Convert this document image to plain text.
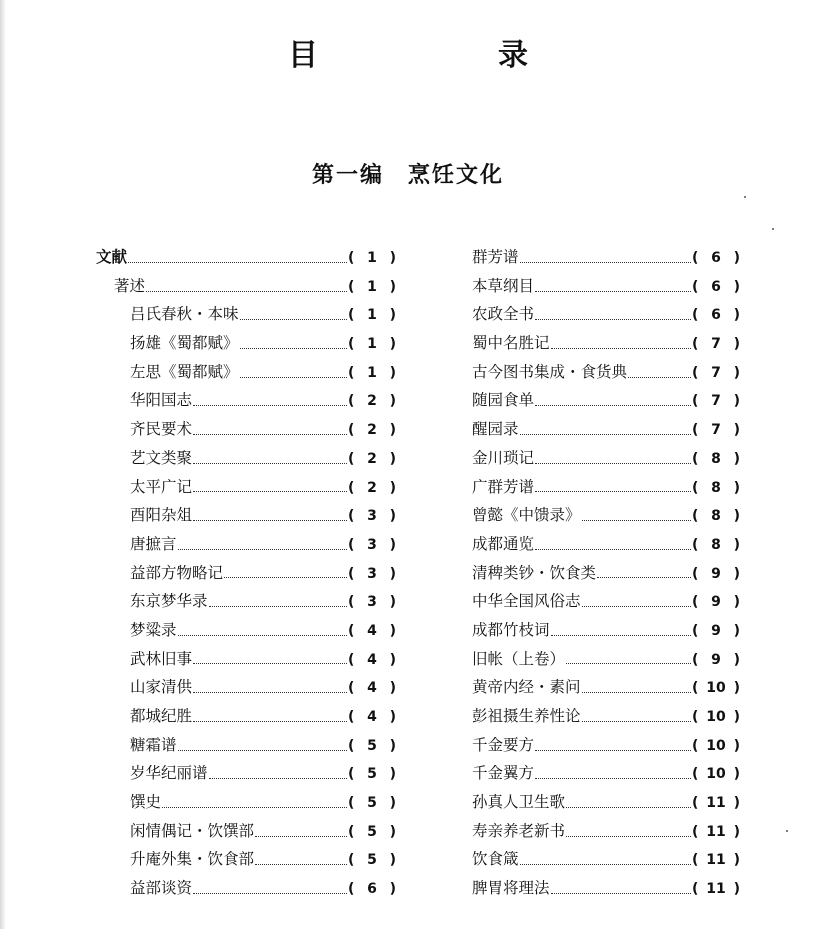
目　　录
第一编　烹饪文化
文献	( 1 )
著述	( 1 )
吕氏春秋・本味	( 1 )
扬雄《蜀都赋》	( 1 )
左思《蜀都赋》	( 1 )
华阳国志	( 2 )
齐民要术	( 2 )
艺文类聚	( 2 )
太平广记	( 2 )
酉阳杂俎	( 3 )
唐摭言	( 3 )
益部方物略记	( 3 )
东京梦华录	( 3 )
梦粱录	( 4 )
武林旧事	( 4 )
山家清供	( 4 )
都城纪胜	( 4 )
糖霜谱	( 5 )
岁华纪丽谱	( 5 )
馔史	( 5 )
闲情偶记・饮馔部	( 5 )
升庵外集・饮食部	( 5 )
益部谈资	( 6 )
群芳谱	( 6 )
本草纲目	( 6 )
农政全书	( 6 )
蜀中名胜记	( 7 )
古今图书集成・食货典	( 7 )
随园食单	( 7 )
醒园录	( 7 )
金川琐记	( 8 )
广群芳谱	( 8 )
曾懿《中馈录》	( 8 )
成都通览	( 8 )
清稗类钞・饮食类	( 9 )
中华全国风俗志	( 9 )
成都竹枝词	( 9 )
旧帐（上卷）	( 9 )
黄帝内经・素问	( 10 )
彭祖摄生养性论	( 10 )
千金要方	( 10 )
千金翼方	( 10 )
孙真人卫生歌	( 11 )
寿亲养老新书	( 11 )
饮食箴	( 11 )
脾胃将理法	( 11 )
